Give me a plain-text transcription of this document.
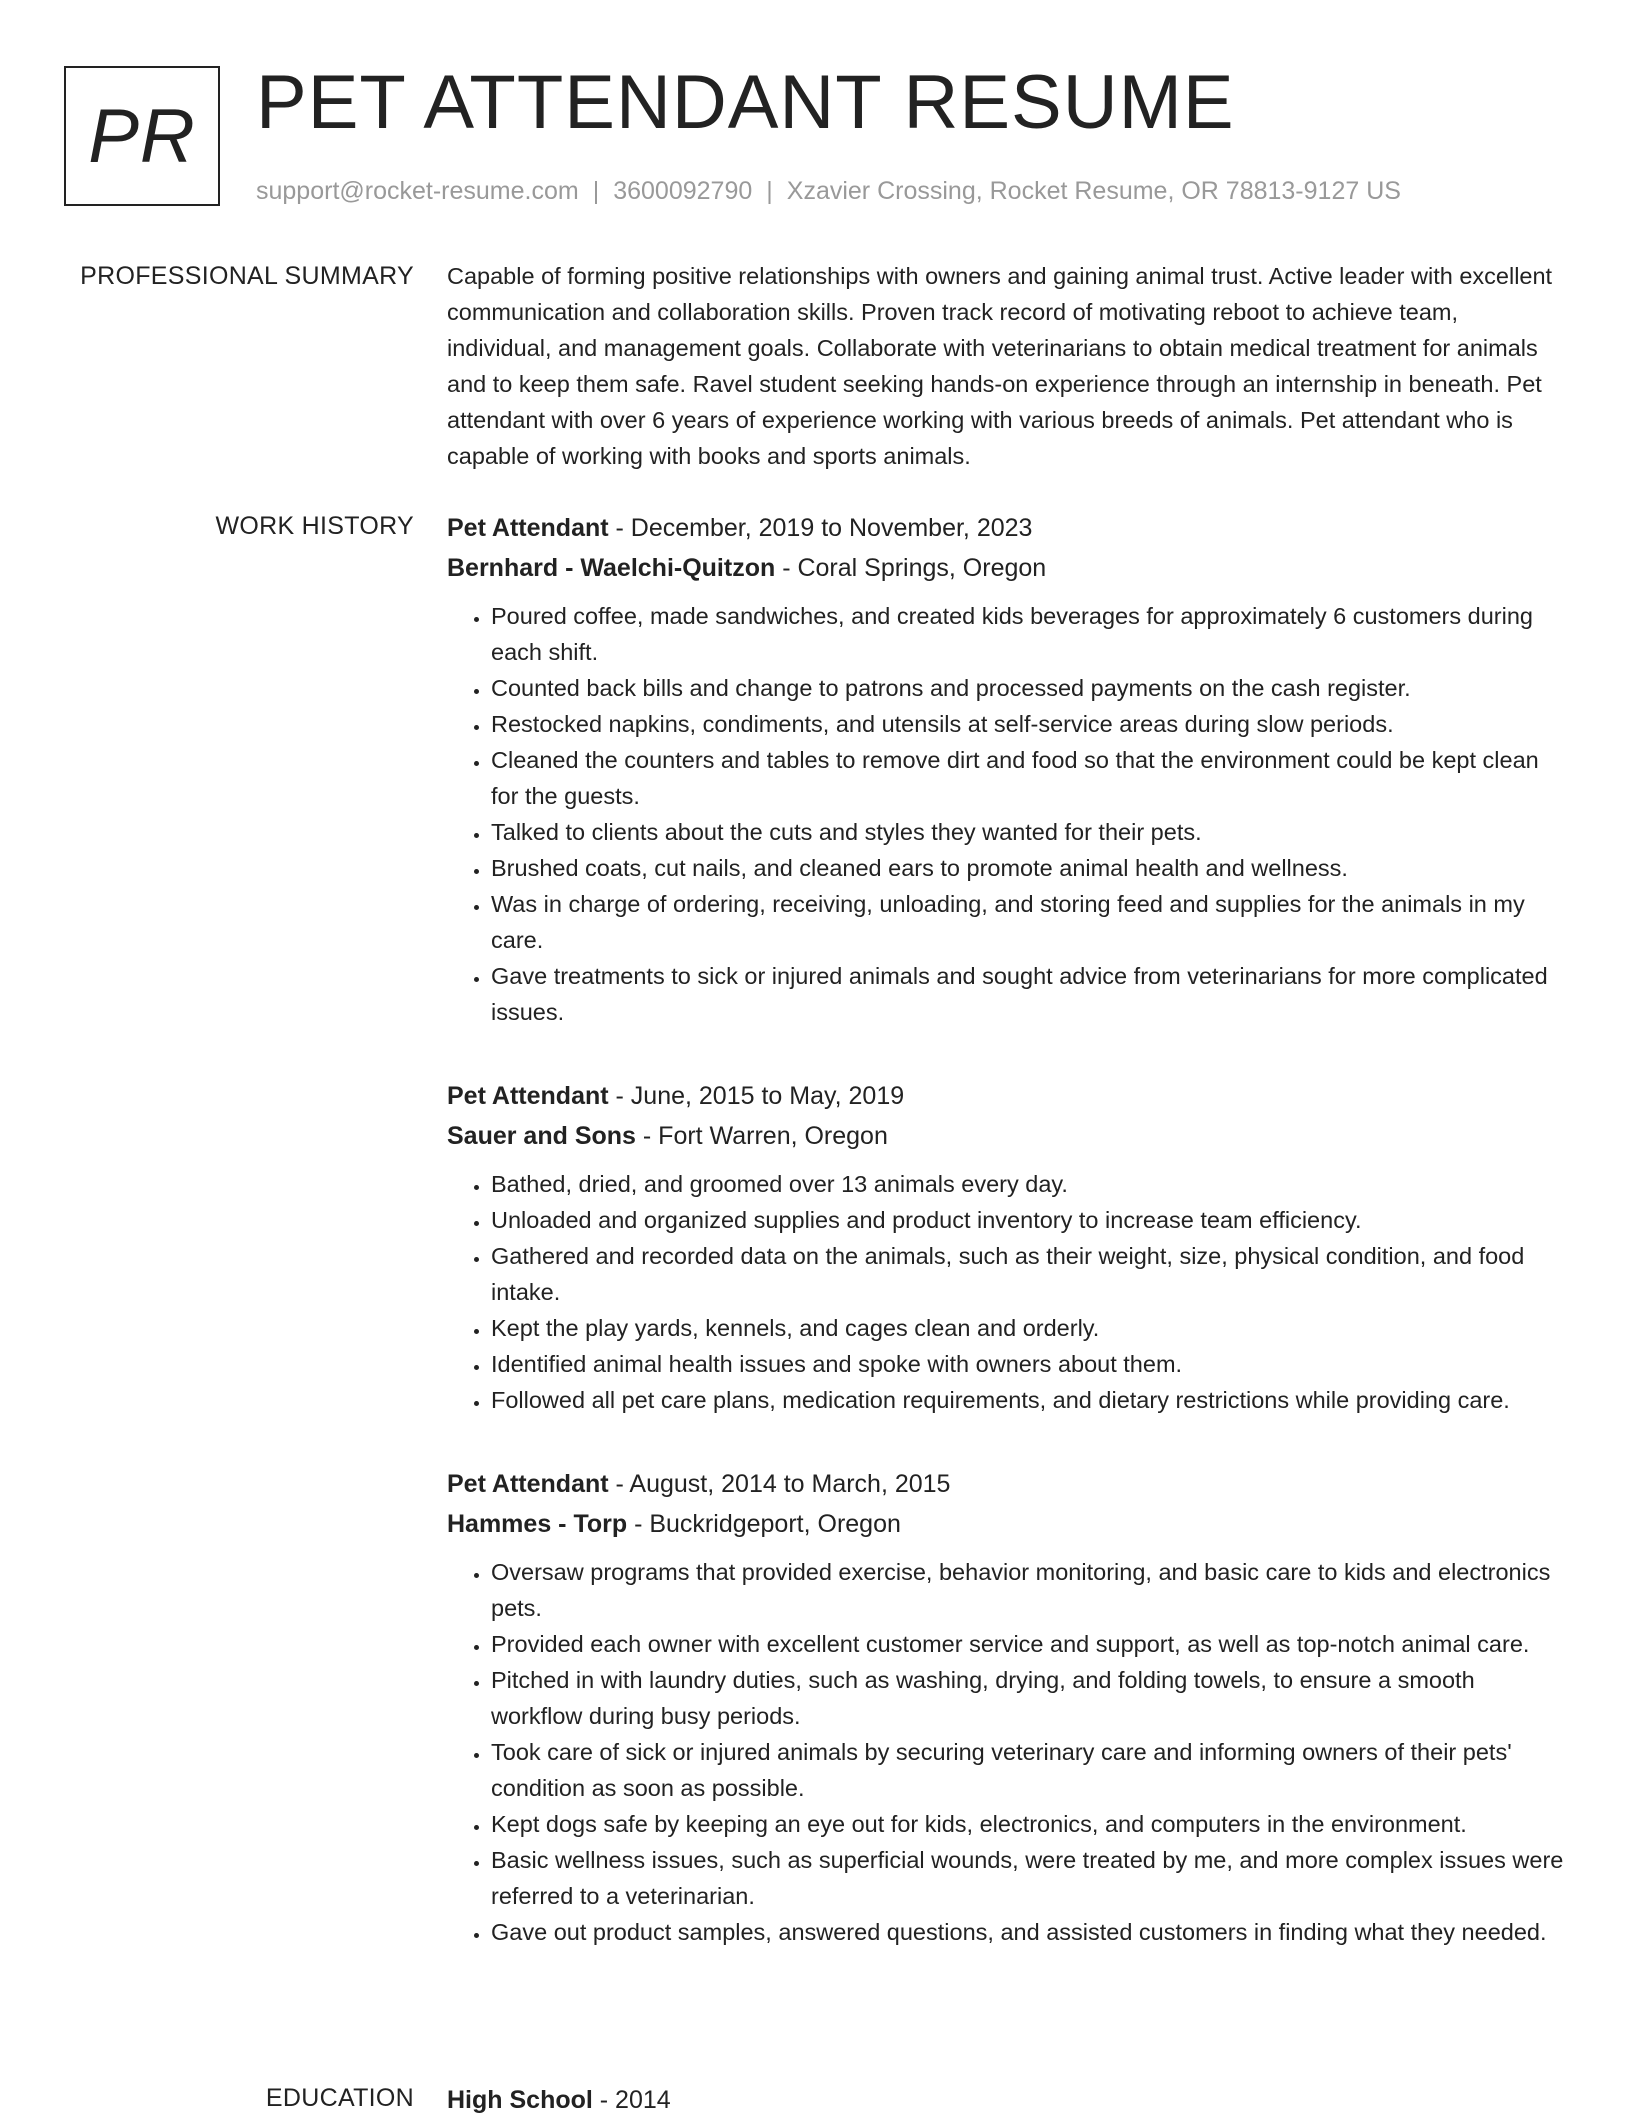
PR PET ATTENDANT RESUME
support@rocket-resume.com | 3600092790 | Xzavier Crossing, Rocket Resume, OR 78813-9127 US
PROFESSIONAL SUMMARY Capable of forming positive relationships with owners and gaining animal trust. Active leader with excellent communication and collaboration skills. Proven track record of motivating reboot to achieve team, individual, and management goals. Collaborate with veterinarians to obtain medical treatment for animals and to keep them safe. Ravel student seeking hands-on experience through an internship in beneath. Pet attendant with over 6 years of experience working with various breeds of animals. Pet attendant who is capable of working with books and sports animals.

WORK HISTORY Pet Attendant - December, 2019 to November, 2023
Bernhard - Waelchi-Quitzon - Coral Springs, Oregon
• Poured coffee, made sandwiches, and created kids beverages for approximately 6 customers during each shift.
• Counted back bills and change to patrons and processed payments on the cash register.
• Restocked napkins, condiments, and utensils at self-service areas during slow periods.
• Cleaned the counters and tables to remove dirt and food so that the environment could be kept clean for the guests.
• Talked to clients about the cuts and styles they wanted for their pets.
• Brushed coats, cut nails, and cleaned ears to promote animal health and wellness.
• Was in charge of ordering, receiving, unloading, and storing feed and supplies for the animals in my care.
• Gave treatments to sick or injured animals and sought advice from veterinarians for more complicated issues.
Pet Attendant - June, 2015 to May, 2019
Sauer and Sons - Fort Warren, Oregon
• Bathed, dried, and groomed over 13 animals every day.
• Unloaded and organized supplies and product inventory to increase team efficiency.
• Gathered and recorded data on the animals, such as their weight, size, physical condition, and food intake.
• Kept the play yards, kennels, and cages clean and orderly.
• Identified animal health issues and spoke with owners about them.
• Followed all pet care plans, medication requirements, and dietary restrictions while providing care.
Pet Attendant - August, 2014 to March, 2015
Hammes - Torp - Buckridgeport, Oregon
• Oversaw programs that provided exercise, behavior monitoring, and basic care to kids and electronics pets.
• Provided each owner with excellent customer service and support, as well as top-notch animal care.
• Pitched in with laundry duties, such as washing, drying, and folding towels, to ensure a smooth workflow during busy periods.
• Took care of sick or injured animals by securing veterinary care and informing owners of their pets' condition as soon as possible.
• Kept dogs safe by keeping an eye out for kids, electronics, and computers in the environment.
• Basic wellness issues, such as superficial wounds, were treated by me, and more complex issues were referred to a veterinarian.
• Gave out product samples, answered questions, and assisted customers in finding what they needed.
EDUCATION High School - 2014
